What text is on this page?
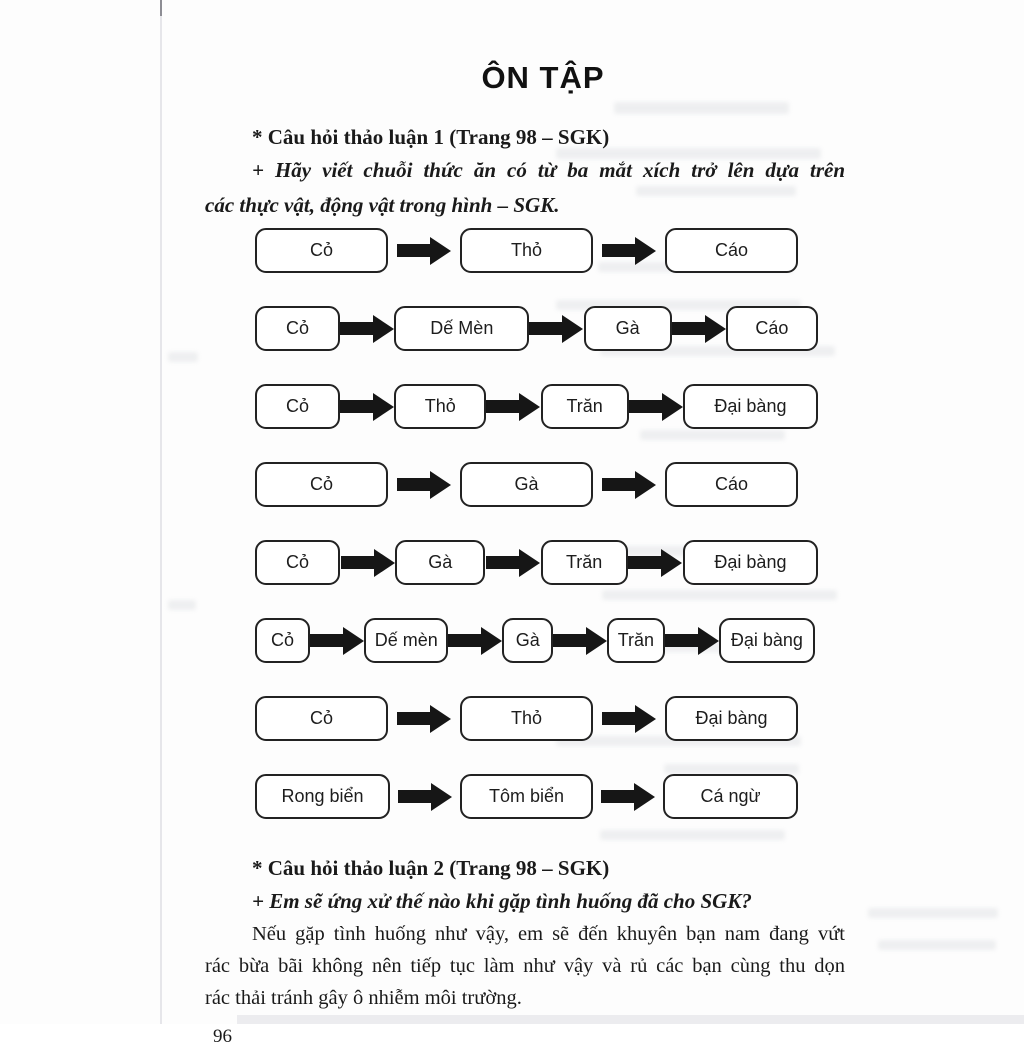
ÔN TẬP
* Câu hỏi thảo luận 1 (Trang 98 – SGK)

+ Hãy viết chuỗi thức ăn có từ ba mắt xích trở lên dựa trên

các thực vật, động vật trong hình – SGK.

Cỏ	Thỏ	Cáo
Cỏ	Dế Mèn	Gà	Cáo
Cỏ	Thỏ	Trăn	Đại bàng
Cỏ	Gà	Cáo
Cỏ	Gà	Trăn	Đại bàng
Cỏ	Dế mèn	Gà	Trăn	Đại bàng
Cỏ	Thỏ	Đại bàng
Rong biển	Tôm biển	Cá ngừ
* Câu hỏi thảo luận 2 (Trang 98 – SGK)

+ Em sẽ ứng xử thế nào khi gặp tình huống đã cho SGK?

Nếu gặp tình huống như vậy, em sẽ đến khuyên bạn nam đang vứt

rác bừa bãi không nên tiếp tục làm như vậy và rủ các bạn cùng thu dọn

rác thải tránh gây ô nhiễm môi trường.

96
